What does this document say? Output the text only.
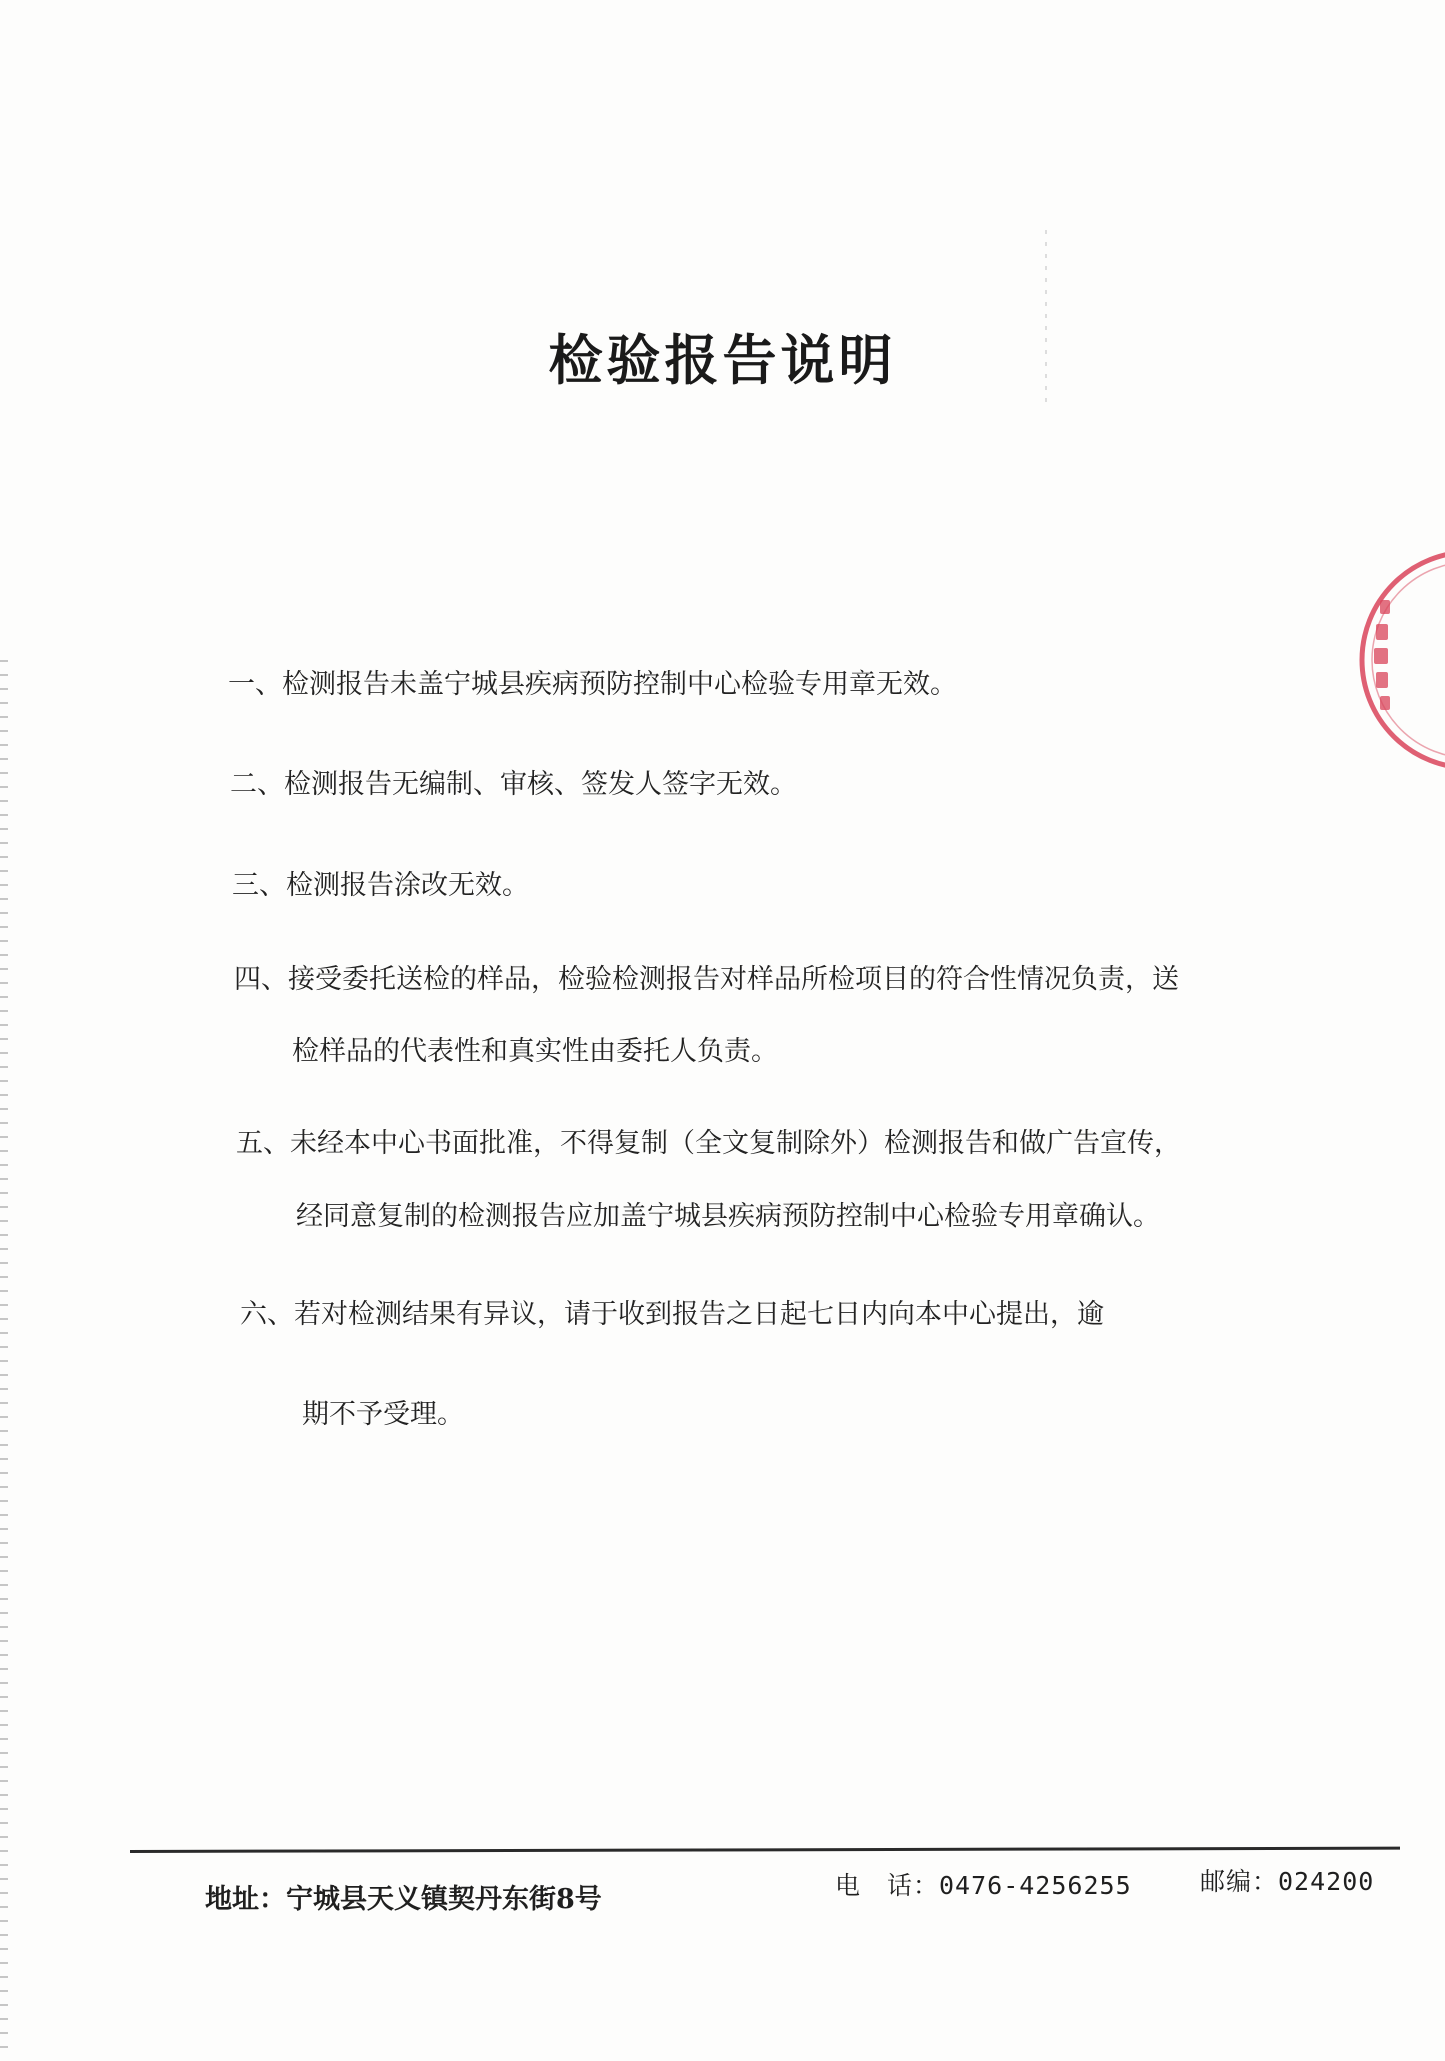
检验报告说明
一、检测报告未盖宁城县疾病预防控制中心检验专用章无效。
二、检测报告无编制、审核、签发人签字无效。
三、检测报告涂改无效。
四、接受委托送检的样品，检验检测报告对样品所检项目的符合性情况负责，送
检样品的代表性和真实性由委托人负责。
五、未经本中心书面批准，不得复制（全文复制除外）检测报告和做广告宣传，
经同意复制的检测报告应加盖宁城县疾病预防控制中心检验专用章确认。
六、若对检测结果有异议，请于收到报告之日起七日内向本中心提出，逾
期不予受理。
地址：宁城县天义镇契丹东街8号	电　话：0476-4256255	邮编：024200
